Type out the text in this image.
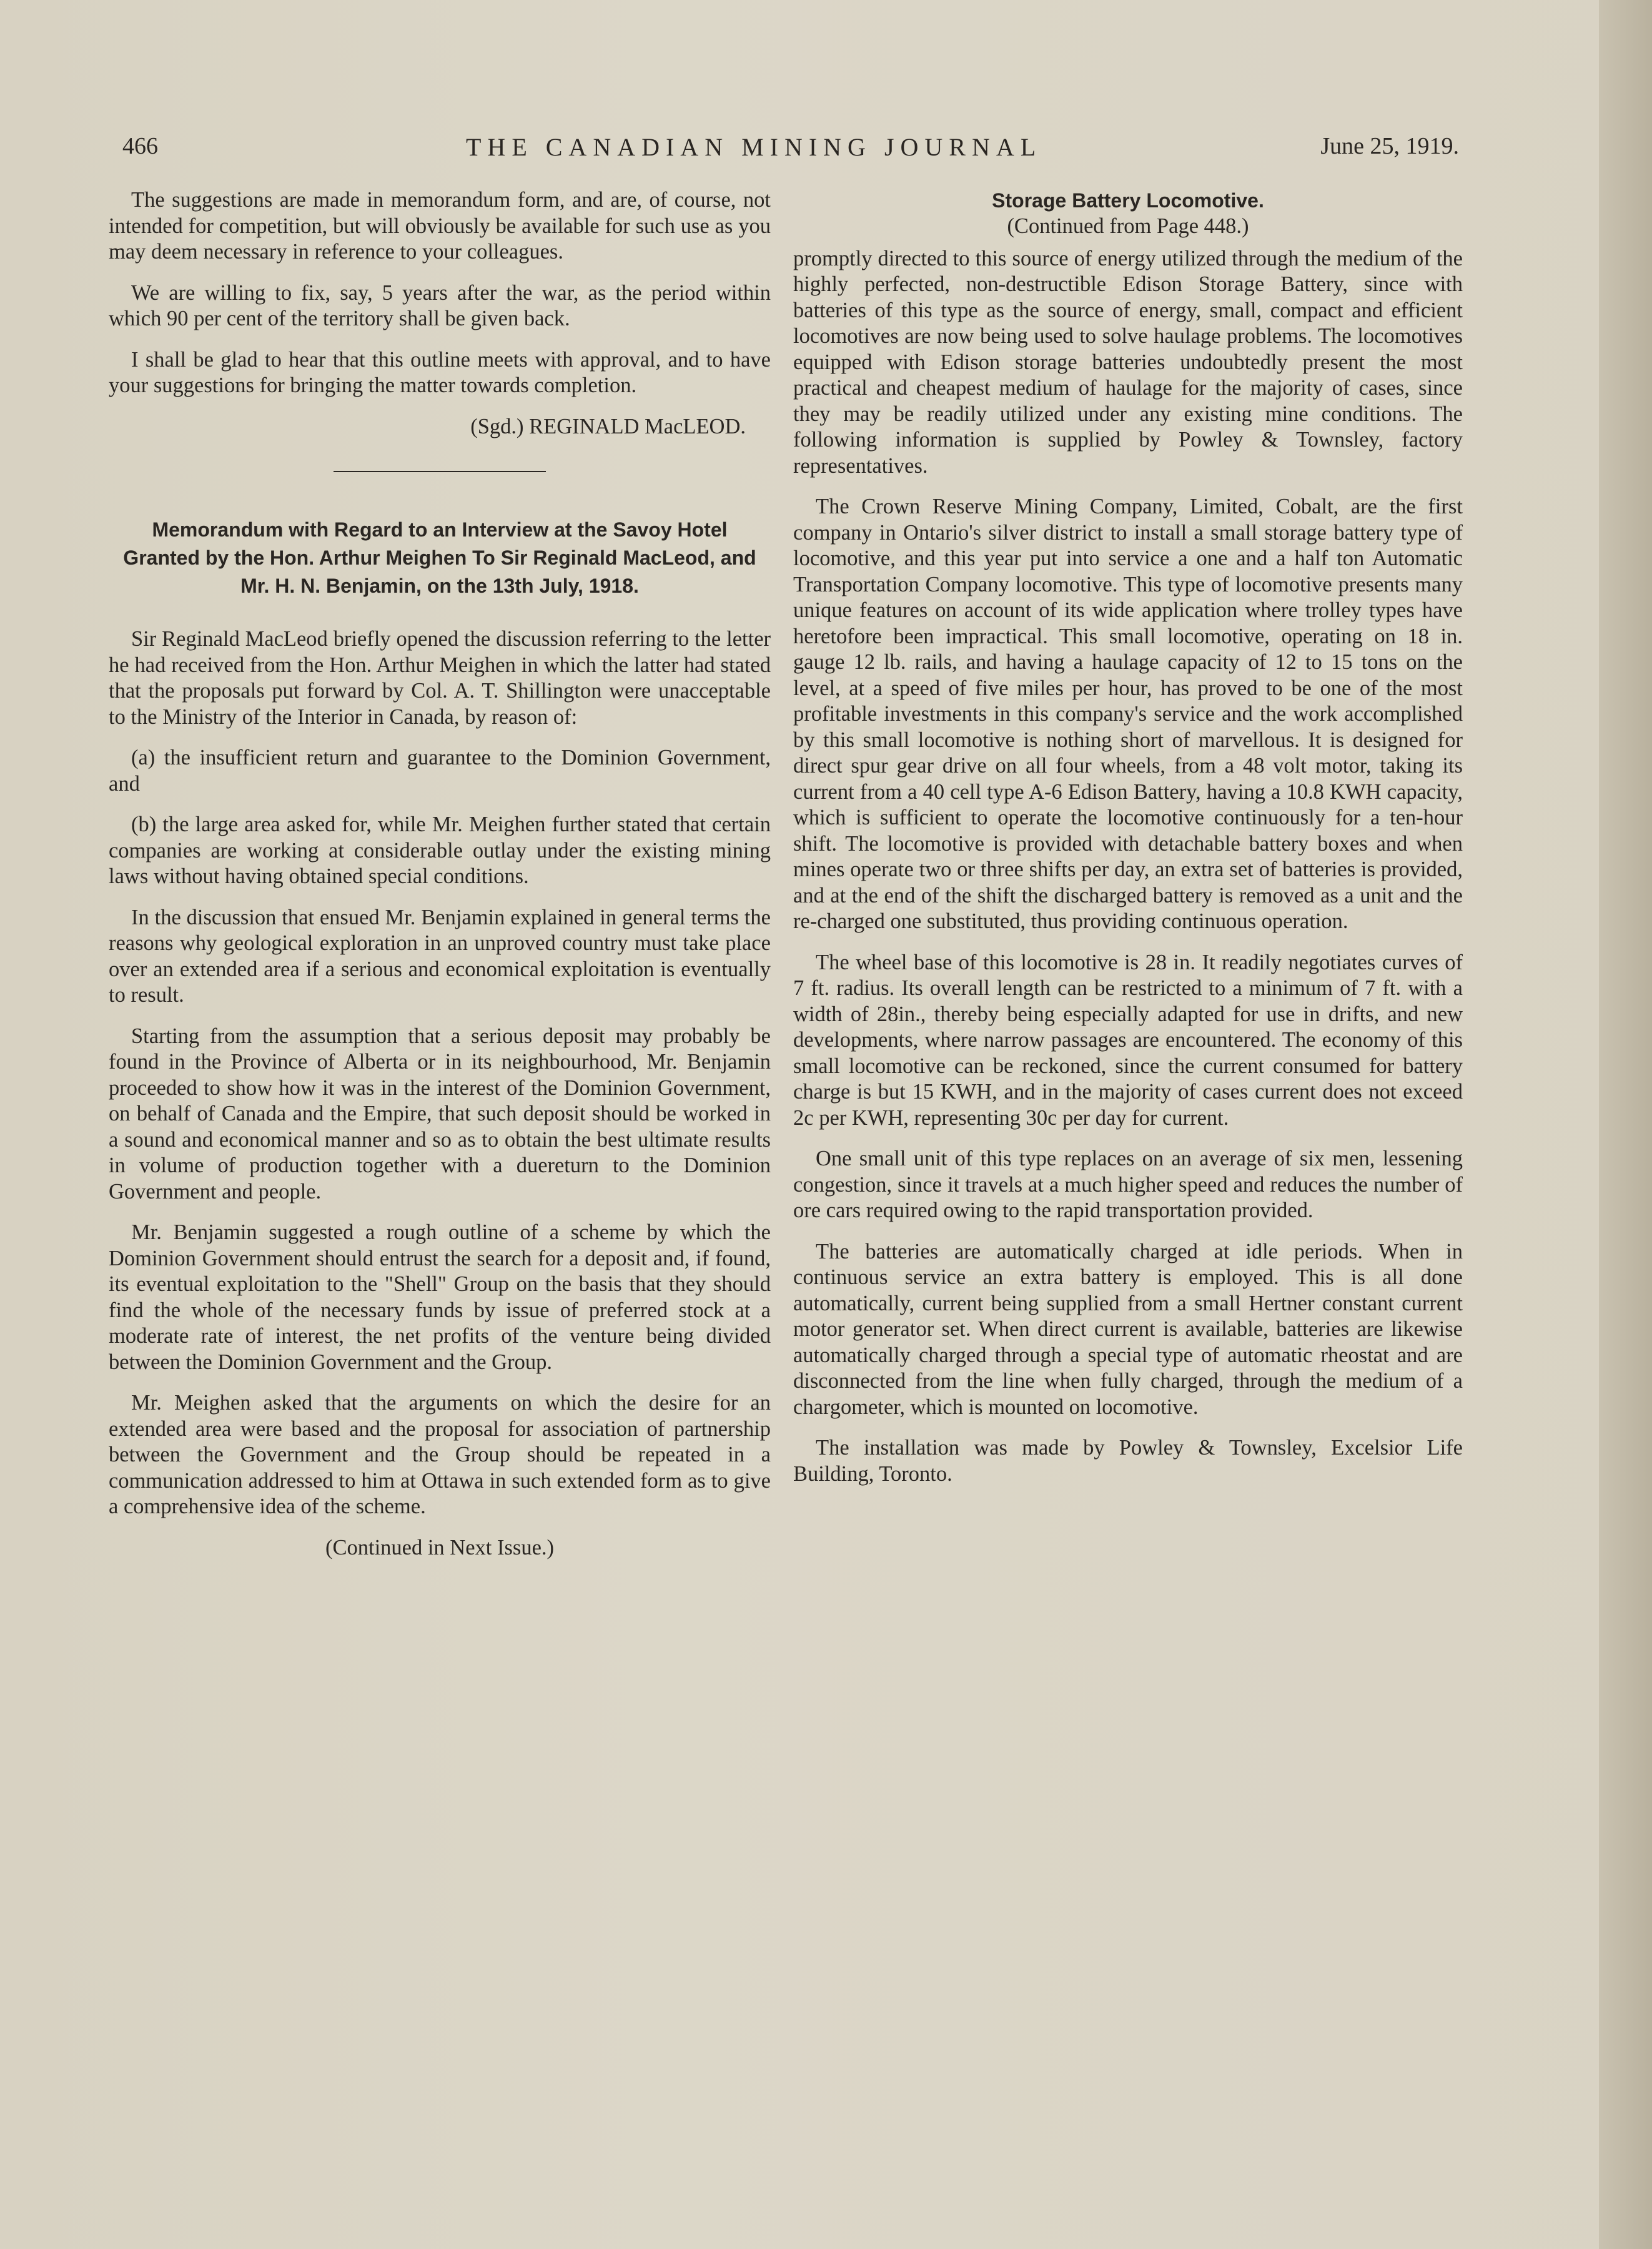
466	THE CANADIAN MINING JOURNAL	June 25, 1919.

The suggestions are made in memorandum form, and are, of course, not intended for competition, but will obviously be available for such use as you may deem necessary in reference to your colleagues.

We are willing to fix, say, 5 years after the war, as the period within which 90 per cent of the territory shall be given back.

I shall be glad to hear that this outline meets with approval, and to have your suggestions for bringing the matter towards completion.

(Sgd.) REGINALD MacLEOD.
Memorandum with Regard to an Interview at the Savoy Hotel Granted by the Hon. Arthur Meighen To Sir Reginald MacLeod, and Mr. H. N. Benjamin, on the 13th July, 1918.

Sir Reginald MacLeod briefly opened the discussion referring to the letter he had received from the Hon. Arthur Meighen in which the latter had stated that the proposals put forward by Col. A. T. Shillington were unacceptable to the Ministry of the Interior in Canada, by reason of:

(a) the insufficient return and guarantee to the Dominion Government, and

(b) the large area asked for, while Mr. Meighen further stated that certain companies are working at considerable outlay under the existing mining laws without having obtained special conditions.

In the discussion that ensued Mr. Benjamin explained in general terms the reasons why geological exploration in an unproved country must take place over an extended area if a serious and economical exploitation is eventually to result.

Starting from the assumption that a serious deposit may probably be found in the Province of Alberta or in its neighbourhood, Mr. Benjamin proceeded to show how it was in the interest of the Dominion Government, on behalf of Canada and the Empire, that such deposit should be worked in a sound and economical manner and so as to obtain the best ultimate results in volume of production together with a duereturn to the Dominion Government and people.

Mr. Benjamin suggested a rough outline of a scheme by which the Dominion Government should entrust the search for a deposit and, if found, its eventual exploitation to the "Shell" Group on the basis that they should find the whole of the necessary funds by issue of preferred stock at a moderate rate of interest, the net profits of the venture being divided between the Dominion Government and the Group.

Mr. Meighen asked that the arguments on which the desire for an extended area were based and the proposal for association of partnership between the Government and the Group should be repeated in a communication addressed to him at Ottawa in such extended form as to give a comprehensive idea of the scheme.

(Continued in Next Issue.)
Storage Battery Locomotive.
(Continued from Page 448.)

promptly directed to this source of energy utilized through the medium of the highly perfected, non-destructible Edison Storage Battery, since with batteries of this type as the source of energy, small, compact and efficient locomotives are now being used to solve haulage problems. The locomotives equipped with Edison storage batteries undoubtedly present the most practical and cheapest medium of haulage for the majority of cases, since they may be readily utilized under any existing mine conditions. The following information is supplied by Powley & Townsley, factory representatives.

The Crown Reserve Mining Company, Limited, Cobalt, are the first company in Ontario's silver district to install a small storage battery type of locomotive, and this year put into service a one and a half ton Automatic Transportation Company locomotive. This type of locomotive presents many unique features on account of its wide application where trolley types have heretofore been impractical. This small locomotive, operating on 18 in. gauge 12 lb. rails, and having a haulage capacity of 12 to 15 tons on the level, at a speed of five miles per hour, has proved to be one of the most profitable investments in this company's service and the work accomplished by this small locomotive is nothing short of marvellous. It is designed for direct spur gear drive on all four wheels, from a 48 volt motor, taking its current from a 40 cell type A-6 Edison Battery, having a 10.8 KWH capacity, which is sufficient to operate the locomotive continuously for a ten-hour shift. The locomotive is provided with detachable battery boxes and when mines operate two or three shifts per day, an extra set of batteries is provided, and at the end of the shift the discharged battery is removed as a unit and the re-charged one substituted, thus providing continuous operation.

The wheel base of this locomotive is 28 in. It readily negotiates curves of 7 ft. radius. Its overall length can be restricted to a minimum of 7 ft. with a width of 28in., thereby being especially adapted for use in drifts, and new developments, where narrow passages are encountered. The economy of this small locomotive can be reckoned, since the current consumed for battery charge is but 15 KWH, and in the majority of cases current does not exceed 2c per KWH, representing 30c per day for current.

One small unit of this type replaces on an average of six men, lessening congestion, since it travels at a much higher speed and reduces the number of ore cars required owing to the rapid transportation provided.

The batteries are automatically charged at idle periods. When in continuous service an extra battery is employed. This is all done automatically, current being supplied from a small Hertner constant current motor generator set. When direct current is available, batteries are likewise automatically charged through a special type of automatic rheostat and are disconnected from the line when fully charged, through the medium of a chargometer, which is mounted on locomotive.

The installation was made by Powley & Townsley, Excelsior Life Building, Toronto.
